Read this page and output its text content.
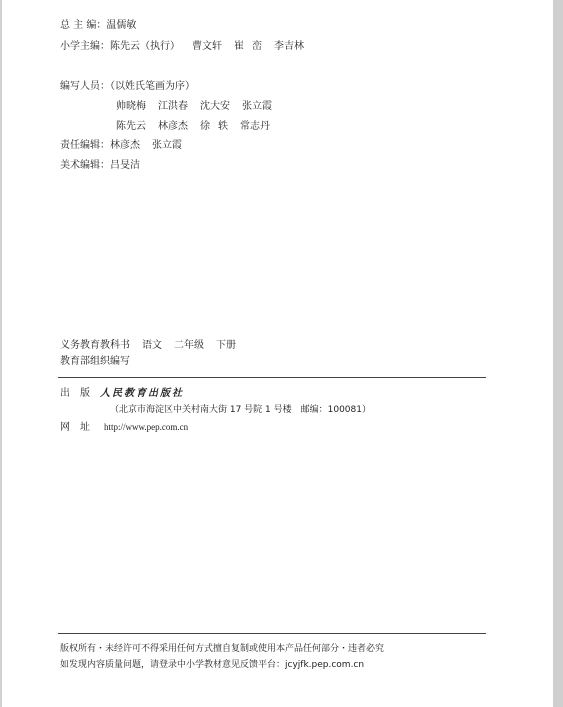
总 主 编：温儒敏
小学主编：陈先云（执行） 曹文轩 崔 峦 李吉林
编写人员：（以姓氏笔画为序）
帅晓梅 江洪春 沈大安 张立霞
陈先云 林彦杰 徐 轶 常志丹
责任编辑：林彦杰 张立霞
美术编辑：吕旻洁
义务教育教科书 语文 二年级 下册
教育部组织编写
出版人民教育出版社
（北京市海淀区中关村南大街 17 号院 1 号楼　邮编：100081）
网址 http://www.pep.com.cn
版权所有・未经许可不得采用任何方式擅自复制或使用本产品任何部分・违者必究
如发现内容质量问题，请登录中小学教材意见反馈平台：jcyjfk.pep.com.cn
